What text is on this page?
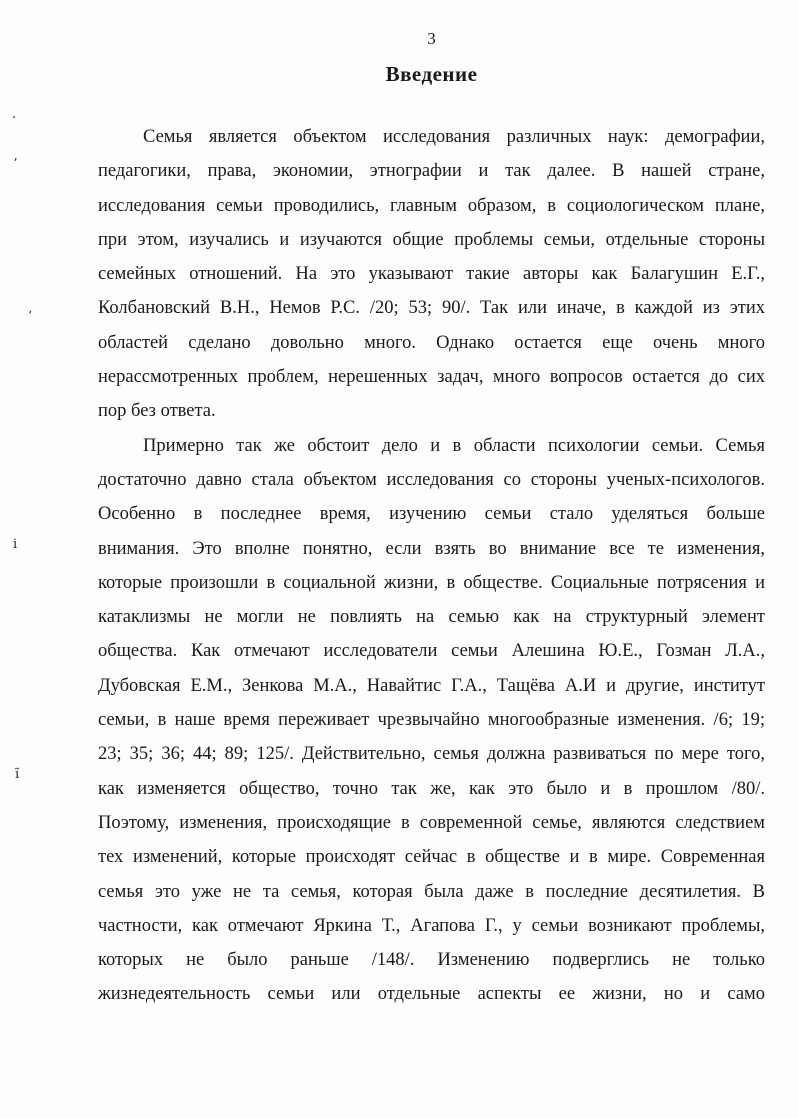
3
Введение
Семья является объектом исследования различных наук: демографии,
педагогики, права, экономии, этнографии и так далее. В нашей стране,
исследования семьи проводились, главным образом, в социологическом плане,
при этом, изучались и изучаются общие проблемы семьи, отдельные стороны
семейных отношений. На это указывают такие авторы как Балагушин Е.Г.,
Колбановский В.Н., Немов Р.С. /20; 53; 90/. Так или иначе, в каждой из этих
областей сделано довольно много. Однако остается еще очень много
нерассмотренных проблем, нерешенных задач, много вопросов остается до сих
пор без ответа.
Примерно так же обстоит дело и в области психологии семьи. Семья
достаточно давно стала объектом исследования со стороны ученых-психологов.
Особенно в последнее время, изучению семьи стало уделяться больше
внимания. Это вполне понятно, если взять во внимание все те изменения,
которые произошли в социальной жизни, в обществе. Социальные потрясения и
катаклизмы не могли не повлиять на семью как на структурный элемент
общества. Как отмечают исследователи семьи Алешина Ю.Е., Гозман Л.А.,
Дубовская Е.М., Зенкова М.А., Навайтис Г.А., Тащёва А.И и другие, институт
семьи, в наше время переживает чрезвычайно многообразные изменения. /6; 19;
23; 35; 36; 44; 89; 125/. Действительно, семья должна развиваться по мере того,
как изменяется общество, точно так же, как это было и в прошлом /80/.
Поэтому, изменения, происходящие в современной семье, являются следствием
тех изменений, которые происходят сейчас в обществе и в мире. Современная
семья это уже не та семья, которая была даже в последние десятилетия. В
частности, как отмечают Яркина Т., Агапова Г., у семьи возникают проблемы,
которых не было раньше /148/. Изменению подверглись не только
жизнедеятельность семьи или отдельные аспекты ее жизни, но и само
.
ʼ
ʻ
i
ĩ
